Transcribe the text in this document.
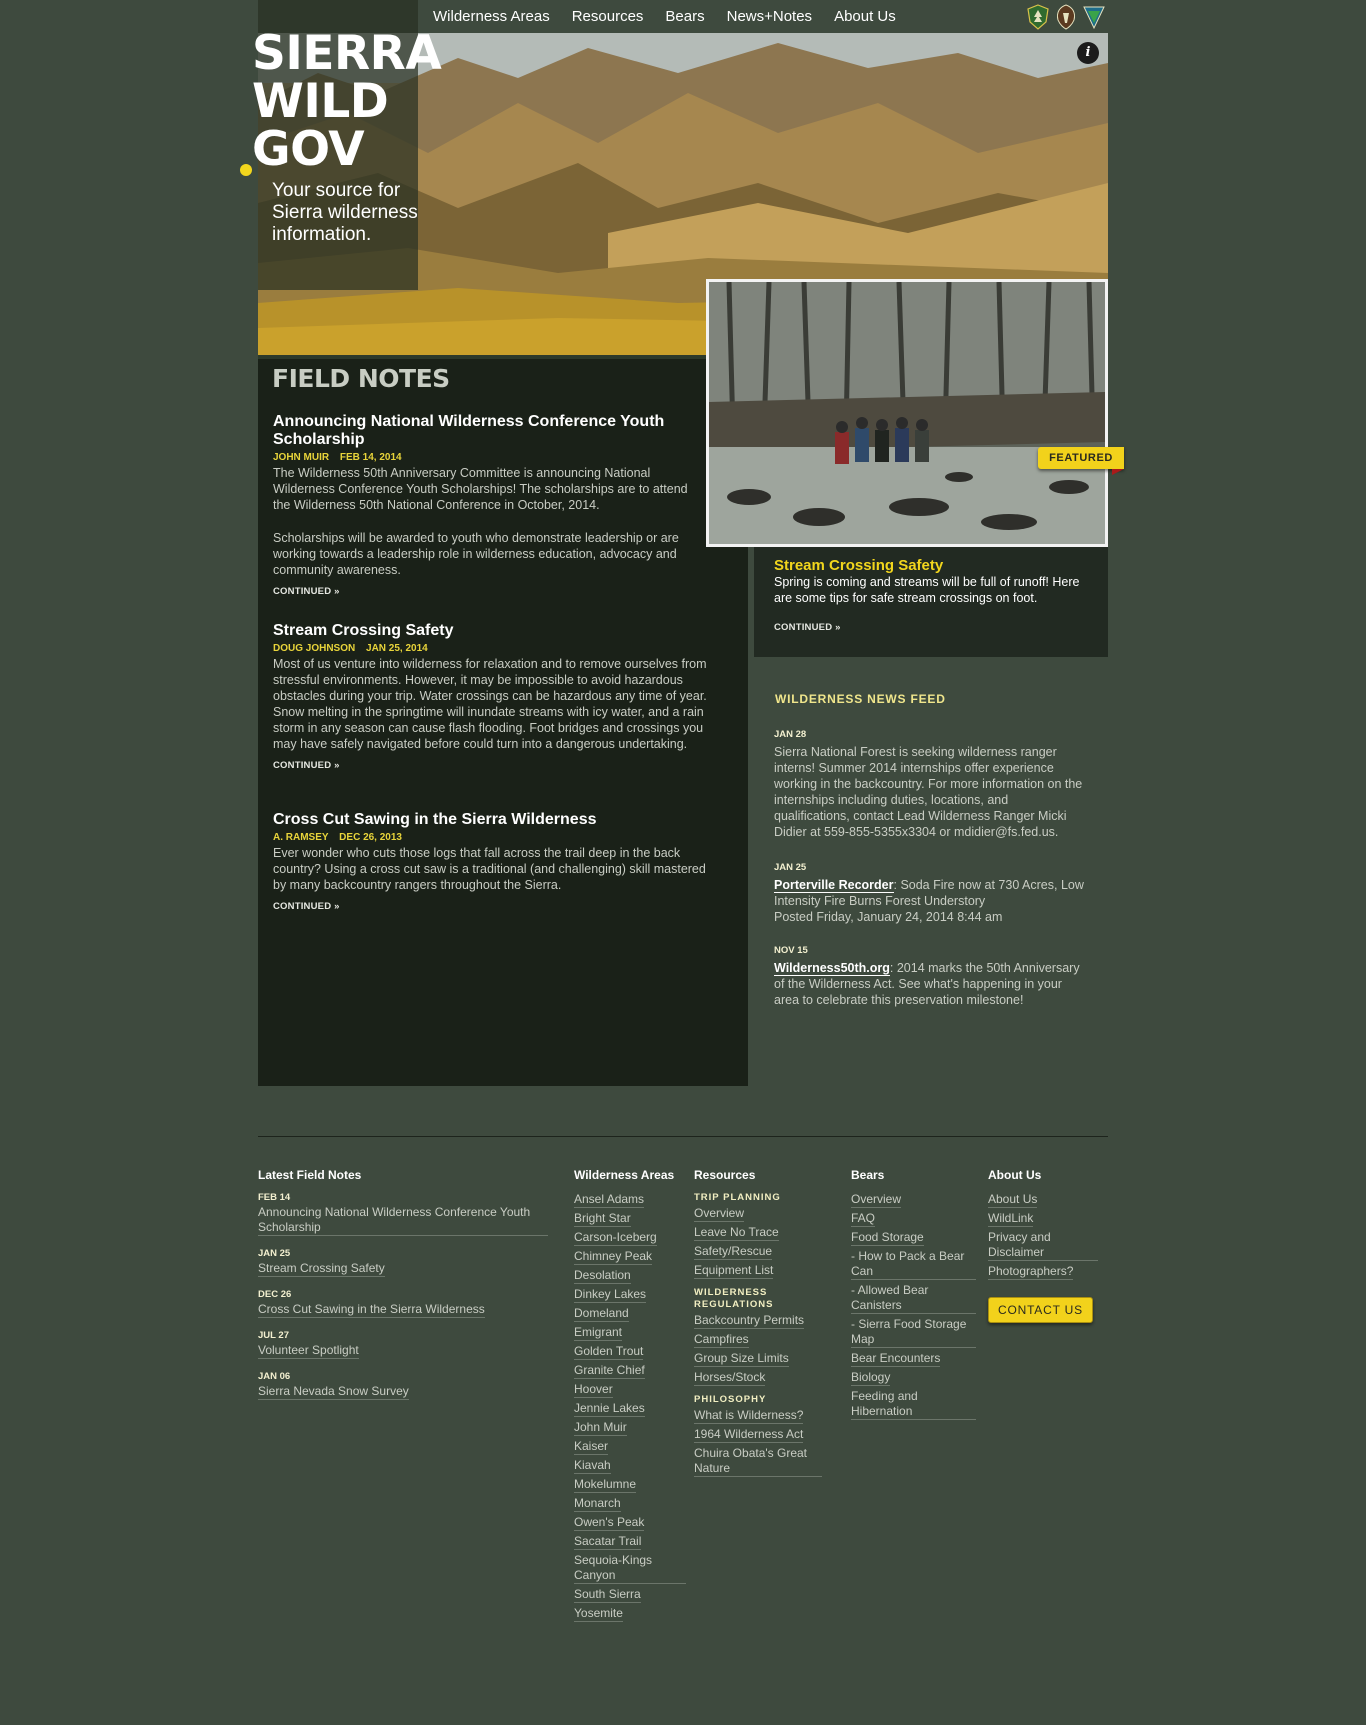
Wilderness Areas	Resources	Bears	News+Notes	About Us
SIERRA
WILD
GOV
Your source for Sierra wilderness information.
i
FIELD NOTES
Announcing National Wilderness Conference Youth Scholarship
JOHN MUIR FEB 14, 2014

The Wilderness 50th Anniversary Committee is announcing National Wilderness Conference Youth Scholarships! The scholarships are to attend the Wilderness 50th National Conference in October, 2014.

Scholarships will be awarded to youth who demonstrate leadership or are working towards a leadership role in wilderness education, advocacy and community awareness.

CONTINUED »
Stream Crossing Safety
DOUG JOHNSON JAN 25, 2014

Most of us venture into wilderness for relaxation and to remove ourselves from stressful environments. However, it may be impossible to avoid hazardous obstacles during your trip. Water crossings can be hazardous any time of year. Snow melting in the springtime will inundate streams with icy water, and a rain storm in any season can cause flash flooding. Foot bridges and crossings you may have safely navigated before could turn into a dangerous undertaking.

CONTINUED »
Cross Cut Sawing in the Sierra Wilderness
A. RAMSEY DEC 26, 2013

Ever wonder who cuts those logs that fall across the trail deep in the back country? Using a cross cut saw is a traditional (and challenging) skill mastered by many backcountry rangers throughout the Sierra.

CONTINUED »
FEATURED
Stream Crossing Safety
Spring is coming and streams will be full of runoff! Here are some tips for safe stream crossings on foot.
CONTINUED »
WILDERNESS NEWS FEED
JAN 28
Sierra National Forest is seeking wilderness ranger interns! Summer 2014 internships offer experience working in the backcountry. For more information on the internships including duties, locations, and qualifications, contact Lead Wilderness Ranger Micki Didier at 559-855-5355x3304 or mdidier@fs.fed.us.
JAN 25
Porterville Recorder: Soda Fire now at 730 Acres, Low Intensity Fire Burns Forest Understory
Posted Friday, January 24, 2014 8:44 am
NOV 15
Wilderness50th.org: 2014 marks the 50th Anniversary of the Wilderness Act. See what's happening in your area to celebrate this preservation milestone!
Latest Field Notes
FEB 14
Announcing National Wilderness Conference Youth Scholarship
JAN 25
Stream Crossing Safety
DEC 26
Cross Cut Sawing in the Sierra Wilderness
JUL 27
Volunteer Spotlight
JAN 06
Sierra Nevada Snow Survey
Wilderness Areas
Ansel Adams
Bright Star
Carson-Iceberg
Chimney Peak
Desolation
Dinkey Lakes
Domeland
Emigrant
Golden Trout
Granite Chief
Hoover
Jennie Lakes
John Muir
Kaiser
Kiavah
Mokelumne
Monarch
Owen's Peak
Sacatar Trail
Sequoia-Kings Canyon
South Sierra
Yosemite
Resources
TRIP PLANNING
Overview
Leave No Trace
Safety/Rescue
Equipment List
WILDERNESS REGULATIONS
Backcountry Permits
Campfires
Group Size Limits
Horses/Stock
PHILOSOPHY
What is Wilderness?
1964 Wilderness Act
Chuira Obata's Great Nature
Bears
Overview
FAQ
Food Storage
- How to Pack a Bear Can
- Allowed Bear Canisters
- Sierra Food Storage Map
Bear Encounters
Biology
Feeding and Hibernation
About Us
About Us
WildLink
Privacy and Disclaimer
Photographers?
CONTACT US
